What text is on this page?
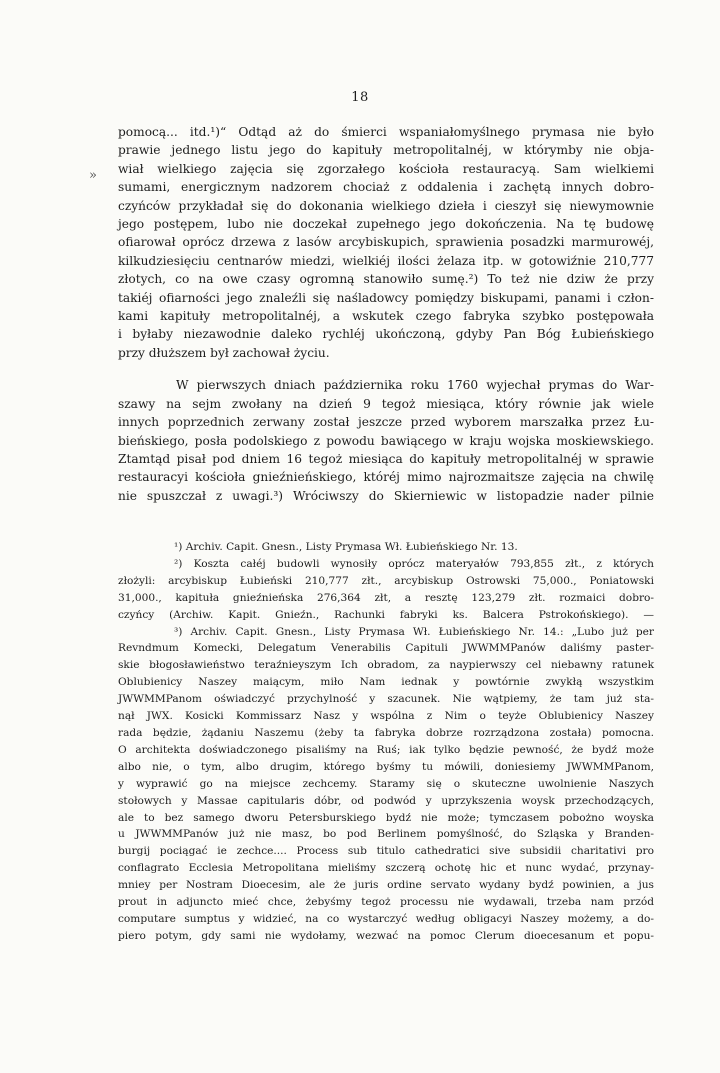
»
18
pomocą... itd.¹)“ Odtąd aż do śmierci wspaniałomyślnego prymasa nie było
prawie jednego listu jego do kapituły metropolitalnéj, w którymby nie obja-
wiał wielkiego zajęcia się zgorzałego kościoła restauracyą. Sam wielkiemi
sumami, energicznym nadzorem chociaż z oddalenia i zachętą innych dobro-
czyńców przykładał się do dokonania wielkiego dzieła i cieszył się niewymownie
jego postępem, lubo nie doczekał zupełnego jego dokończenia. Na tę budowę
ofiarował oprócz drzewa z lasów arcybiskupich, sprawienia posadzki marmurowéj,
kilkudziesięciu centnarów miedzi, wielkiéj ilości żelaza itp. w gotowiźnie 210,777
złotych, co na owe czasy ogromną stanowiło sumę.²) To też nie dziw że przy
takiéj ofiarności jego znaleźli się naśladowcy pomiędzy biskupami, panami i człon-
kami kapituły metropolitalnéj, a wskutek czego fabryka szybko postępowała
i byłaby niezawodnie daleko rychléj ukończoną, gdyby Pan Bóg Łubieńskiego
przy dłuższem był zachował życiu.
W pierwszych dniach października roku 1760 wyjechał prymas do War-
szawy na sejm zwołany na dzień 9 tegoż miesiąca, który równie jak wiele
innych poprzednich zerwany został jeszcze przed wyborem marszałka przez Łu-
bieńskiego, posła podolskiego z powodu bawiącego w kraju wojska moskiewskiego.
Ztamtąd pisał pod dniem 16 tegoż miesiąca do kapituły metropolitalnéj w sprawie
restauracyi kościoła gnieźnieńskiego, któréj mimo najrozmaitsze zajęcia na chwilę
nie spuszczał z uwagi.³) Wróciwszy do Skierniewic w listopadzie nader pilnie
¹) Archiv. Capit. Gnesn., Listy Prymasa Wł. Łubieńskiego Nr. 13.
²) Koszta całéj budowli wynosiły oprócz materyałów 793,855 złt., z których
złożyli: arcybiskup Łubieński 210,777 złt., arcybiskup Ostrowski 75,000., Poniatowski
31,000., kapituła gnieźnieńska 276,364 złt, a resztę 123,279 złt. rozmaici dobro-
czyńcy (Archiw. Kapit. Gnieźn., Rachunki fabryki ks. Balcera Pstrokońskiego). —
³) Archiv. Capit. Gnesn., Listy Prymasa Wł. Łubieńskiego Nr. 14.: „Lubo już per
Revndmum Komecki, Delegatum Venerabilis Capituli JWWMMPanów daliśmy paster-
skie błogosławieństwo teraźnieyszym Ich obradom, za naypierwszy cel niebawny ratunek
Oblubienicy Naszey maiącym, miło Nam iednak y powtórnie zwykłą wszystkim
JWWMMPanom oświadczyć przychylność y szacunek. Nie wątpiemy, że tam już sta-
nął JWX. Kosicki Kommissarz Nasz y wspólna z Nim o teyże Oblubienicy Naszey
rada będzie, żądaniu Naszemu (żeby ta fabryka dobrze rozrządzona została) pomocna.
O architekta doświadczonego pisaliśmy na Ruś; iak tylko będzie pewność, że bydź może
albo nie, o tym, albo drugim, którego byśmy tu mówili, doniesiemy JWWMMPanom,
y wyprawić go na miejsce zechcemy. Staramy się o skuteczne uwolnienie Naszych
stołowych y Massae capitularis dóbr, od podwód y uprzykszenia woysk przechodzących,
ale to bez samego dworu Petersburskiego bydź nie może; tymczasem pobożno woyska
u JWWMMPanów już nie masz, bo pod Berlinem pomyślność, do Szląska y Branden-
burgij pociągać ie zechce.... Process sub titulo cathedratici sive subsidii charitativi pro
conflagrato Ecclesia Metropolitana mieliśmy szczerą ochotę hic et nunc wydać, przynay-
mniey per Nostram Dioecesim, ale że juris ordine servato wydany bydź powinien, a jus
prout in adjuncto mieć chce, żebyśmy tegoż processu nie wydawali, trzeba nam przód
computare sumptus y widzieć, na co wystarczyć według obligacyi Naszey możemy, a do-
piero potym, gdy sami nie wydołamy, wezwać na pomoc Clerum dioecesanum et popu-
